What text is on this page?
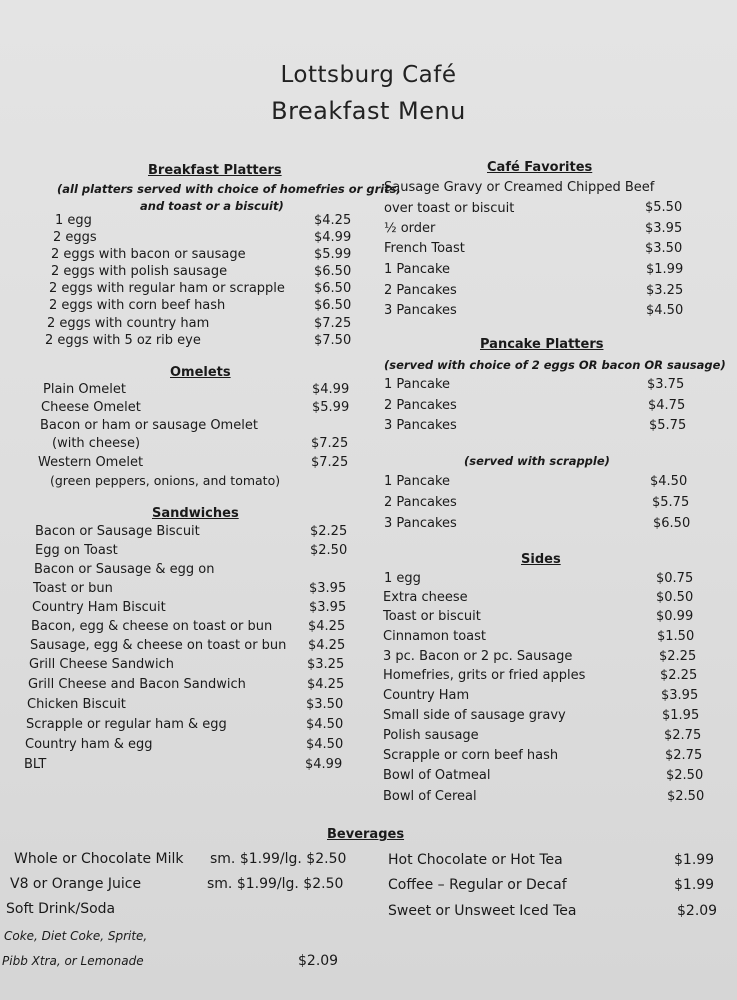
Lottsburg Café
Breakfast Menu
Breakfast Platters
(all platters served with choice of homefries or grits,
and toast or a biscuit)
1 egg	$4.25
2 eggs	$4.99
2 eggs with bacon or sausage	$5.99
2 eggs with polish sausage	$6.50
2 eggs with regular ham or scrapple $6.50
2 eggs with corn beef hash	$6.50
2 eggs with country ham	$7.25
2 eggs with 5 oz rib eye	$7.50
Omelets
Plain Omelet	$4.99
Cheese Omelet	$5.99
Bacon or ham or sausage Omelet
(with cheese)	$7.25
Western Omelet	$7.25
(green peppers, onions, and tomato)
Sandwiches
Bacon or Sausage Biscuit	$2.25
Egg on Toast	$2.50
Bacon or Sausage & egg on
Toast or bun	$3.95
Country Ham Biscuit	$3.95
Bacon, egg & cheese on toast or bun	$4.25
Sausage, egg & cheese on toast or bun $4.25
Grill Cheese Sandwich	$3.25
Grill Cheese and Bacon Sandwich	$4.25
Chicken Biscuit	$3.50
Scrapple or regular ham & egg	$4.50
Country ham & egg	$4.50
BLT	$4.99
Café Favorites
Sausage Gravy or Creamed Chipped Beef
over toast or biscuit	$5.50
½ order	$3.95
French Toast	$3.50
1 Pancake	$1.99
2 Pancakes	$3.25
3 Pancakes	$4.50
Pancake Platters
(served with choice of 2 eggs OR bacon OR sausage)
1 Pancake	$3.75
2 Pancakes	$4.75
3 Pancakes	$5.75
(served with scrapple)
1 Pancake	$4.50
2 Pancakes	$5.75
3 Pancakes	$6.50
Sides
1 egg	$0.75
Extra cheese	$0.50
Toast or biscuit	$0.99
Cinnamon toast	$1.50
3 pc. Bacon or 2 pc. Sausage	$2.25
Homefries, grits or fried apples	$2.25
Country Ham	$3.95
Small side of sausage gravy	$1.95
Polish sausage	$2.75
Scrapple or corn beef hash	$2.75
Bowl of Oatmeal	$2.50
Bowl of Cereal	$2.50
Beverages
Whole or Chocolate Milk sm. $1.99/lg. $2.50
V8 or Orange Juice	sm. $1.99/lg. $2.50
Soft Drink/Soda
Coke, Diet Coke, Sprite,
Pibb Xtra, or Lemonade	$2.09
Hot Chocolate or Hot Tea	$1.99
Coffee – Regular or Decaf	$1.99
Sweet or Unsweet Iced Tea	$2.09
